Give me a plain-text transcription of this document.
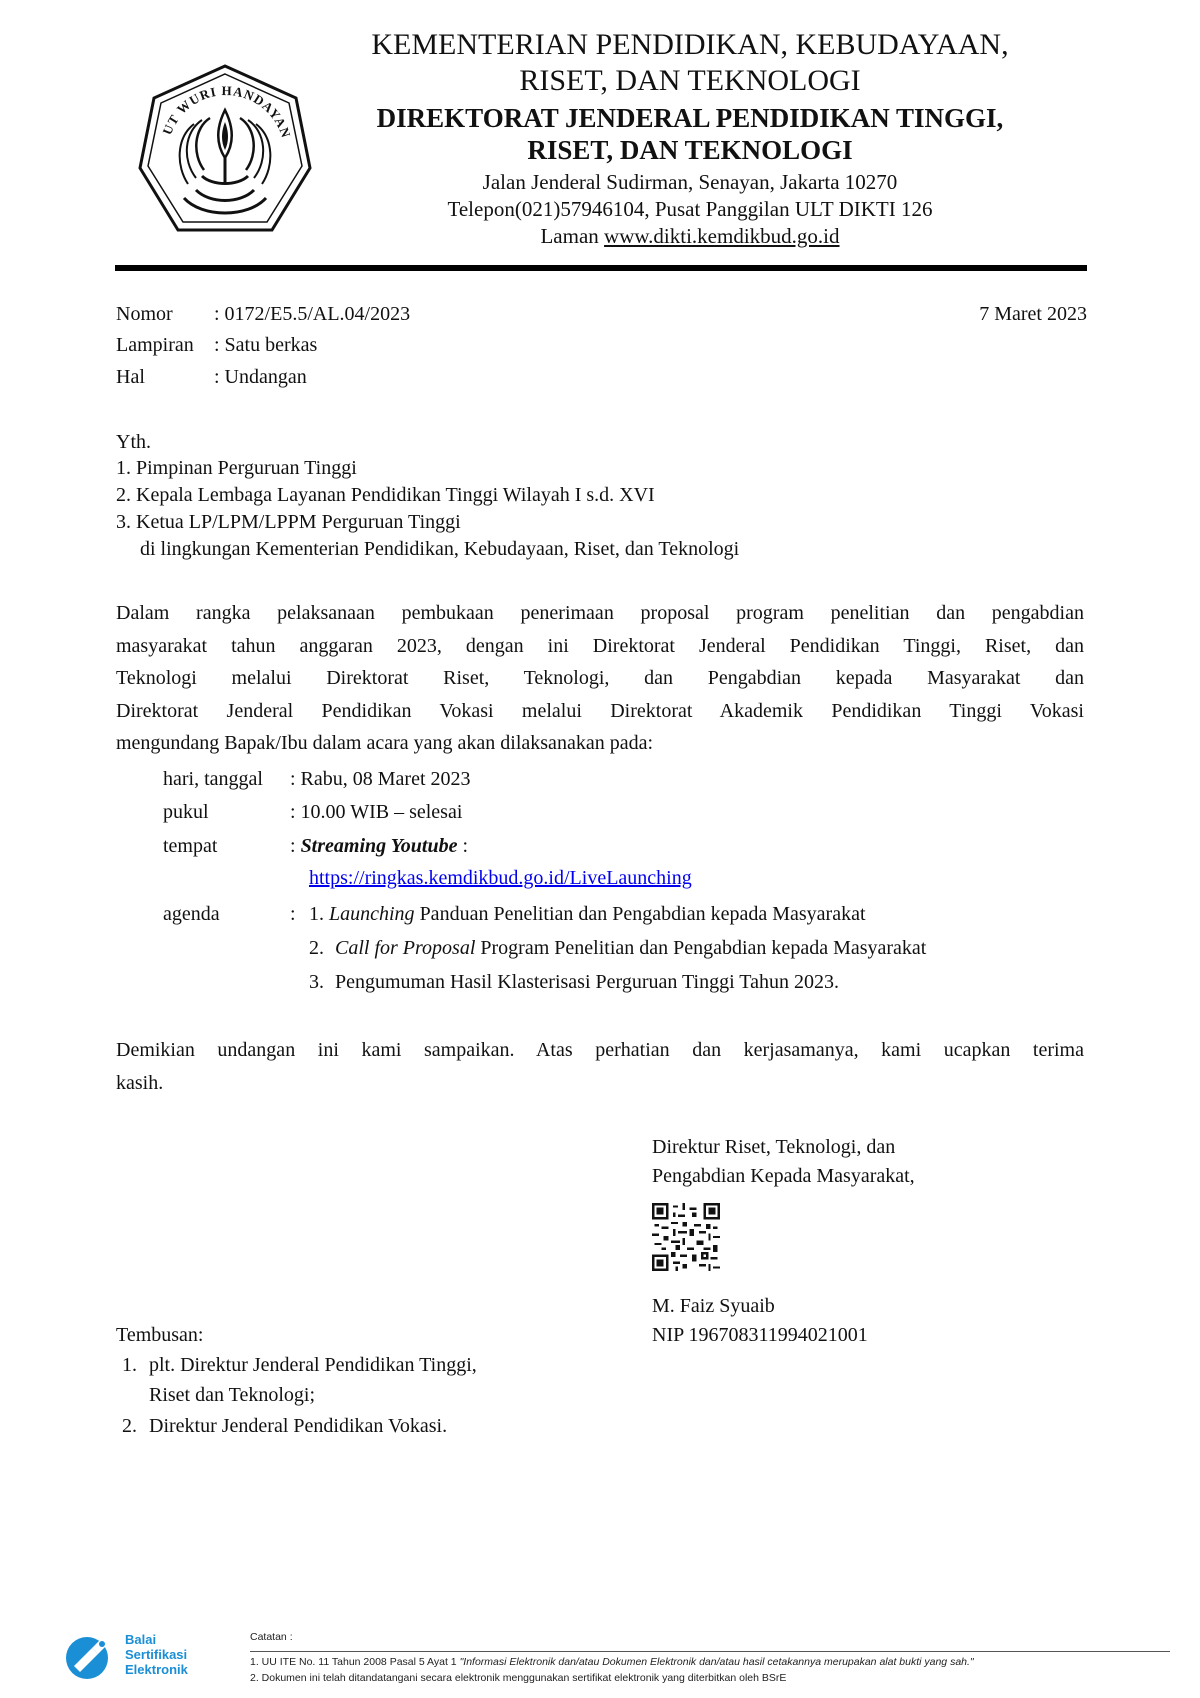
UT WURI HANDAYAN
KEMENTERIAN PENDIDIKAN, KEBUDAYAAN,
RISET, DAN TEKNOLOGI
DIREKTORAT JENDERAL PENDIDIKAN TINGGI,
RISET, DAN TEKNOLOGI
Jalan Jenderal Sudirman, Senayan, Jakarta 10270
Telepon(021)57946104, Pusat Panggilan ULT DIKTI 126
Laman www.dikti.kemdikbud.go.id
Nomor : 0172/E5.5/AL.04/2023	7 Maret 2023
Lampiran : Satu berkas
Hal	: Undangan
Yth.
1. Pimpinan Perguruan Tinggi
2. Kepala Lembaga Layanan Pendidikan Tinggi Wilayah I s.d. XVI
3. Ketua LP/LPM/LPPM Perguruan Tinggi
di lingkungan Kementerian Pendidikan, Kebudayaan, Riset, dan Teknologi
Dalam rangka pelaksanaan pembukaan penerimaan proposal program penelitian dan pengabdian
masyarakat tahun anggaran 2023, dengan ini Direktorat Jenderal Pendidikan Tinggi, Riset, dan
Teknologi melalui Direktorat Riset, Teknologi, dan Pengabdian kepada Masyarakat dan
Direktorat Jenderal Pendidikan Vokasi melalui Direktorat Akademik Pendidikan Tinggi Vokasi
mengundang Bapak/Ibu dalam acara yang akan dilaksanakan pada:
hari, tanggal : Rabu, 08 Maret 2023
pukul	: 10.00 WIB – selesai
tempat	: Streaming Youtube :
https://ringkas.kemdikbud.go.id/LiveLaunching
agenda	: 1. Launching Panduan Penelitian dan Pengabdian kepada Masyarakat
2. Call for Proposal Program Penelitian dan Pengabdian kepada Masyarakat
3. Pengumuman Hasil Klasterisasi Perguruan Tinggi Tahun 2023.
Demikian undangan ini kami sampaikan. Atas perhatian dan kerjasamanya, kami ucapkan terima
kasih.
Direktur Riset, Teknologi, dan
Pengabdian Kepada Masyarakat,
M. Faiz Syuaib
NIP 196708311994021001
Tembusan:
1. plt. Direktur Jenderal Pendidikan Tinggi,
Riset dan Teknologi;
2. Direktur Jenderal Pendidikan Vokasi.
Balai
Sertifikasi
Elektronik
Catatan :
1. UU ITE No. 11 Tahun 2008 Pasal 5 Ayat 1 "Informasi Elektronik dan/atau Dokumen Elektronik dan/atau hasil cetakannya merupakan alat bukti yang sah."
2. Dokumen ini telah ditandatangani secara elektronik menggunakan sertifikat elektronik yang diterbitkan oleh BSrE
